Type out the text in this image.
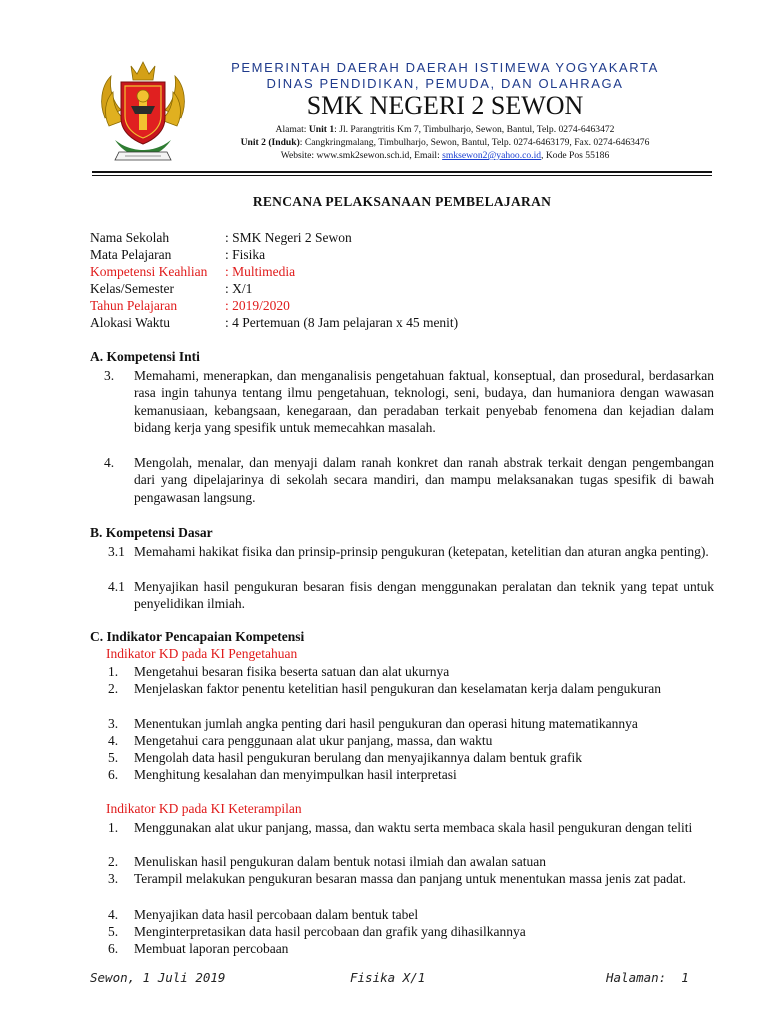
PEMERINTAH DAERAH DAERAH ISTIMEWA YOGYAKARTA
DINAS PENDIDIKAN, PEMUDA, DAN OLAHRAGA
SMK NEGERI 2 SEWON
Alamat: Unit 1: Jl. Parangtritis Km 7, Timbulharjo, Sewon, Bantul, Telp. 0274-6463472
Unit 2 (Induk): Cangkringmalang, Timbulharjo, Sewon, Bantul, Telp. 0274-6463179, Fax. 0274-6463476
Website: www.smk2sewon.sch.id, Email: smksewon2@yahoo.co.id, Kode Pos 55186
RENCANA PELAKSANAAN PEMBELAJARAN
Nama Sekolah	: SMK Negeri 2 Sewon
Mata Pelajaran	: Fisika
Kompetensi Keahlian : Multimedia
Kelas/Semester	: X/1
Tahun Pelajaran	: 2019/2020
Alokasi Waktu	: 4 Pertemuan (8 Jam pelajaran x 45 menit)
A. Kompetensi Inti
3. Memahami, menerapkan, dan menganalisis pengetahuan faktual, konseptual, dan prosedural, berdasarkan rasa ingin tahunya tentang ilmu pengetahuan, teknologi, seni, budaya, dan humaniora dengan wawasan kemanusiaan, kebangsaan, kenegaraan, dan peradaban terkait penyebab fenomena dan kejadian dalam bidang kerja yang spesifik untuk memecahkan masalah.
4. Mengolah, menalar, dan menyaji dalam ranah konkret dan ranah abstrak terkait dengan pengembangan dari yang dipelajarinya di sekolah secara mandiri, dan mampu melaksanakan tugas spesifik di bawah pengawasan langsung.
B. Kompetensi Dasar
3.1 Memahami hakikat fisika dan prinsip-prinsip pengukuran (ketepatan, ketelitian dan aturan angka penting).
4.1 Menyajikan hasil pengukuran besaran fisis dengan menggunakan peralatan dan teknik yang tepat untuk penyelidikan ilmiah.
C. Indikator Pencapaian Kompetensi
Indikator KD pada KI Pengetahuan
1. Mengetahui besaran fisika beserta satuan dan alat ukurnya
2. Menjelaskan faktor penentu ketelitian hasil pengukuran dan keselamatan kerja dalam pengukuran
3. Menentukan jumlah angka penting dari hasil pengukuran dan operasi hitung matematikannya
4. Mengetahui cara penggunaan alat ukur panjang, massa, dan waktu
5. Mengolah data hasil pengukuran berulang dan menyajikannya dalam bentuk grafik
6. Menghitung kesalahan dan menyimpulkan hasil interpretasi
Indikator KD pada KI Keterampilan
1. Menggunakan alat ukur panjang, massa, dan waktu serta membaca skala hasil pengukuran dengan teliti
2. Menuliskan hasil pengukuran dalam bentuk notasi ilmiah dan awalan satuan
3. Terampil melakukan pengukuran besaran massa dan panjang untuk menentukan massa jenis zat padat.
4. Menyajikan data hasil percobaan dalam bentuk tabel
5. Menginterpretasikan data hasil percobaan dan grafik yang dihasilkannya
6. Membuat laporan percobaan
Sewon, 1 Juli 2019	Fisika X/1	Halaman:  1
